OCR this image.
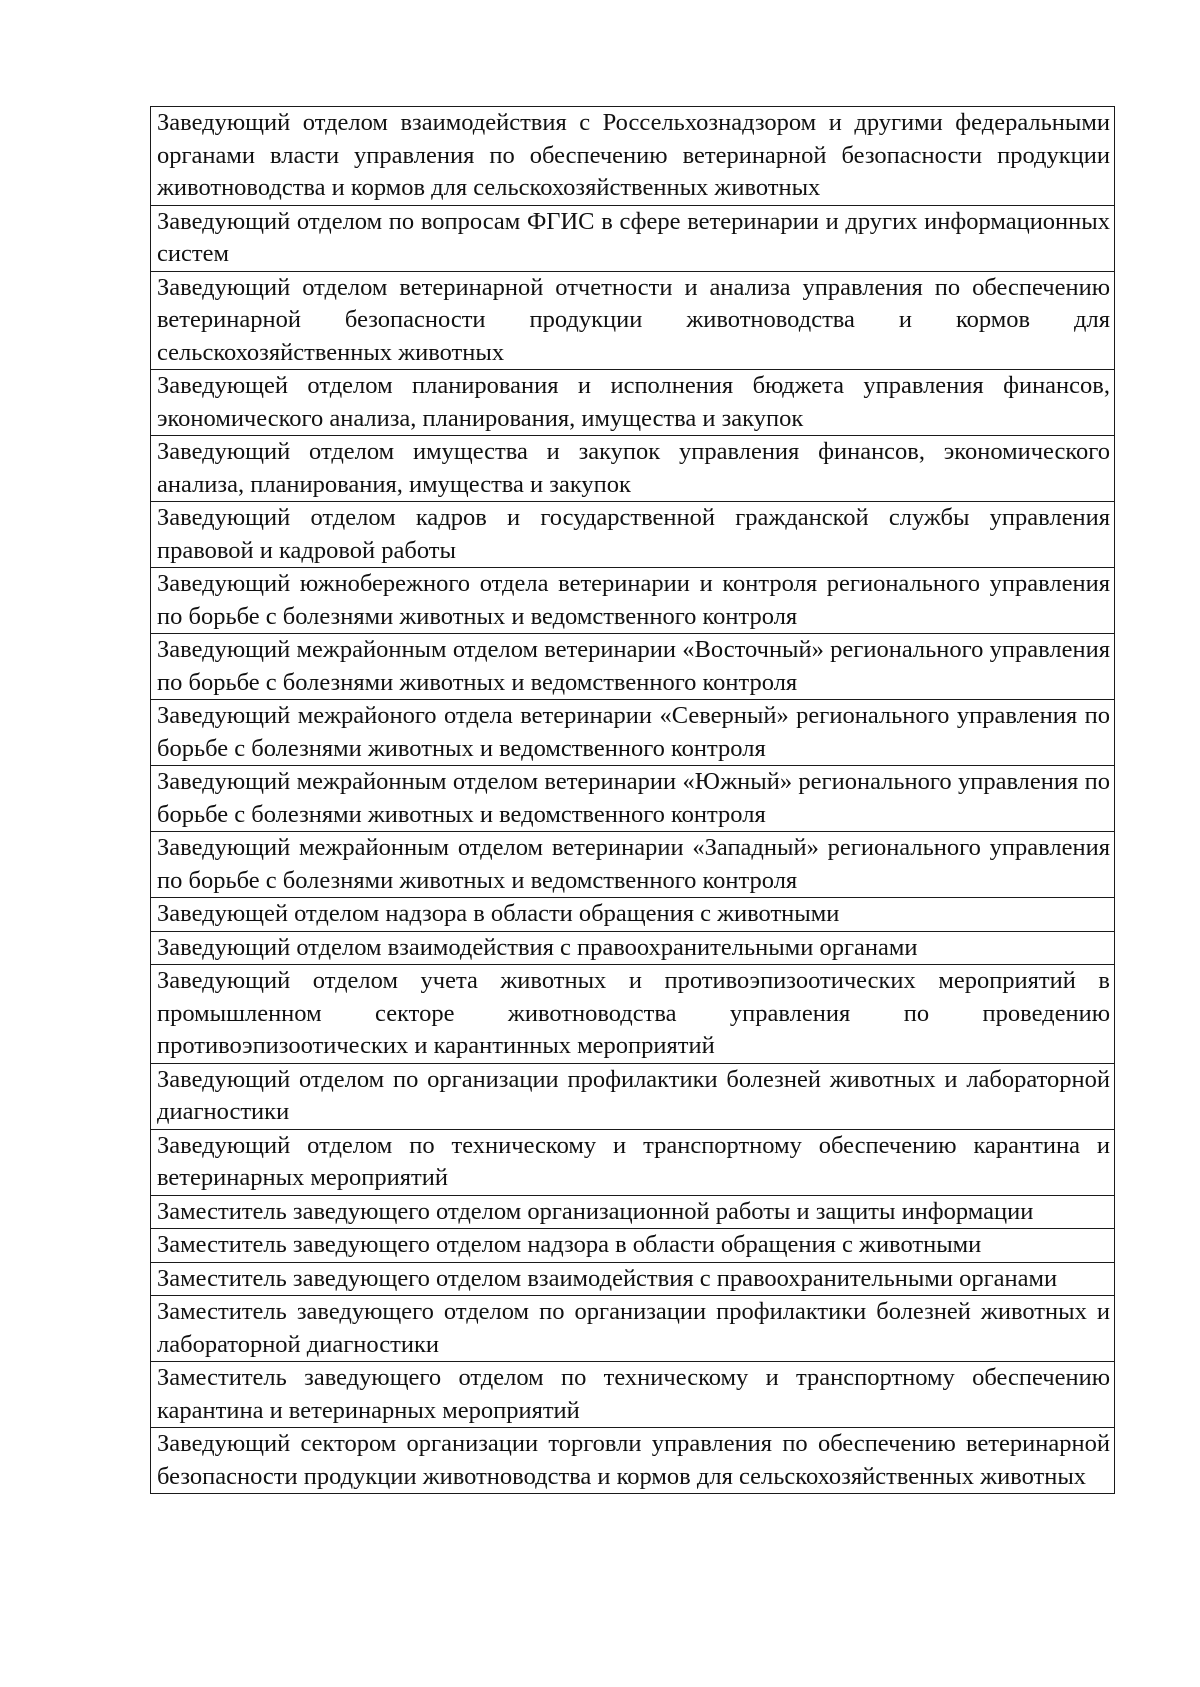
Заведующий отделом взаимодействия с Россельхознадзором и другими федеральными органами власти управления по обеспечению ветеринарной безопасности продукции животноводства и кормов для сельскохозяйственных животных
Заведующий отделом по вопросам ФГИС в сфере ветеринарии и других информационных систем
Заведующий отделом ветеринарной отчетности и анализа управления по обеспечению ветеринарной безопасности продукции животноводства и кормов для сельскохозяйственных животных
Заведующей отделом планирования и исполнения бюджета управления финансов, экономического анализа, планирования, имущества и закупок
Заведующий отделом имущества и закупок управления финансов, экономического анализа, планирования, имущества и закупок
Заведующий отделом кадров и государственной гражданской службы управления правовой и кадровой работы
Заведующий южнобережного отдела ветеринарии и контроля регионального управления по борьбе с болезнями животных и ведомственного контроля
Заведующий межрайонным отделом ветеринарии «Восточный» регионального управления по борьбе с болезнями животных и ведомственного контроля
Заведующий межрайоного отдела ветеринарии «Северный» регионального управления по борьбе с болезнями животных и ведомственного контроля
Заведующий межрайонным отделом ветеринарии «Южный» регионального управления по борьбе с болезнями животных и ведомственного контроля
Заведующий межрайонным отделом ветеринарии «Западный» регионального управления по борьбе с болезнями животных и ведомственного контроля
Заведующей отделом надзора в области обращения с животными
Заведующий отделом взаимодействия с правоохранительными органами
Заведующий отделом учета животных и противоэпизоотических мероприятий в промышленном секторе животноводства управления по проведению противоэпизоотических и карантинных мероприятий
Заведующий отделом по организации профилактики болезней животных и лабораторной диагностики
Заведующий отделом по техническому и транспортному обеспечению карантина и ветеринарных мероприятий
Заместитель заведующего отделом организационной работы и защиты информации
Заместитель заведующего отделом надзора в области обращения с животными
Заместитель заведующего отделом взаимодействия с правоохранительными органами
Заместитель заведующего отделом по организации профилактики болезней животных и лабораторной диагностики
Заместитель заведующего отделом по техническому и транспортному обеспечению карантина и ветеринарных мероприятий
Заведующий сектором организации торговли управления по обеспечению ветеринарной безопасности продукции животноводства и кормов для сельскохозяйственных животных
